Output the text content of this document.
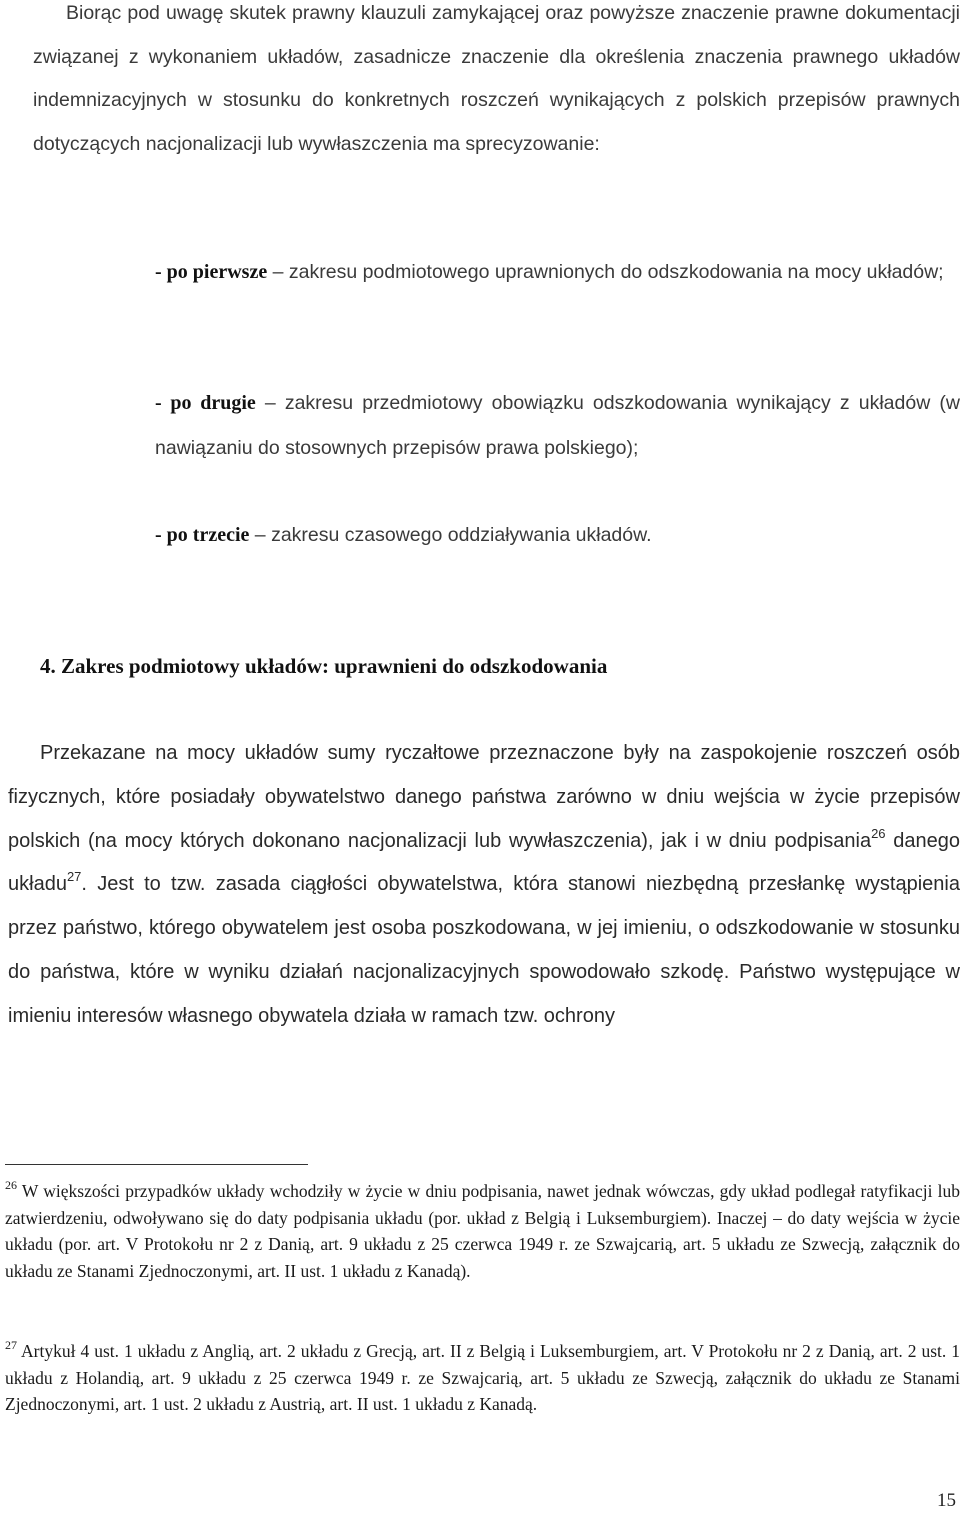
Biorąc pod uwagę skutek prawny klauzuli zamykającej oraz powyższe znaczenie prawne dokumentacji związanej z wykonaniem układów, zasadnicze znaczenie dla określenia znaczenia prawnego układów indemnizacyjnych w stosunku do konkretnych roszczeń wynikających z polskich przepisów prawnych dotyczących nacjonalizacji lub wywłaszczenia ma sprecyzowanie:

- po pierwsze – zakresu podmiotowego uprawnionych do odszkodowania na mocy układów;

- po drugie – zakresu przedmiotowy obowiązku odszkodowania wynikający z układów (w nawiązaniu do stosownych przepisów prawa polskiego);

- po trzecie – zakresu czasowego oddziaływania układów.

4. Zakres podmiotowy układów: uprawnieni do odszkodowania

Przekazane na mocy układów sumy ryczałtowe przeznaczone były na zaspokojenie roszczeń osób fizycznych, które posiadały obywatelstwo danego państwa zarówno w dniu wejścia w życie przepisów polskich (na mocy których dokonano nacjonalizacji lub wywłaszczenia), jak i w dniu podpisania$^{26}$ danego układu$^{27}$. Jest to tzw. zasada ciągłości obywatelstwa, która stanowi niezbędną przesłankę wystąpienia przez państwo, którego obywatelem jest osoba poszkodowana, w jej imieniu, o odszkodowanie w stosunku do państwa, które w wyniku działań nacjonalizacyjnych spowodowało szkodę. Państwo występujące w imieniu interesów własnego obywatela działa w ramach tzw. ochrony

$^{26}$ W większości przypadków układy wchodziły w życie w dniu podpisania, nawet jednak wówczas, gdy układ podlegał ratyfikacji lub zatwierdzeniu, odwoływano się do daty podpisania układu (por. układ z Belgią i Luksemburgiem). Inaczej – do daty wejścia w życie układu (por. art. V Protokołu nr 2 z Danią, art. 9 układu z 25 czerwca 1949 r. ze Szwajcarią, art. 5 układu ze Szwecją, załącznik do układu ze Stanami Zjednoczonymi, art. II ust. 1 układu z Kanadą).

$^{27}$ Artykuł 4 ust. 1 układu z Anglią, art. 2 układu z Grecją, art. II z Belgią i Luksemburgiem, art. V Protokołu nr 2 z Danią, art. 2 ust. 1 układu z Holandią, art. 9 układu z 25 czerwca 1949 r. ze Szwajcarią, art. 5 układu ze Szwecją, załącznik do układu ze Stanami Zjednoczonymi, art. 1 ust. 2 układu z Austrią, art. II ust. 1 układu z Kanadą.

15
